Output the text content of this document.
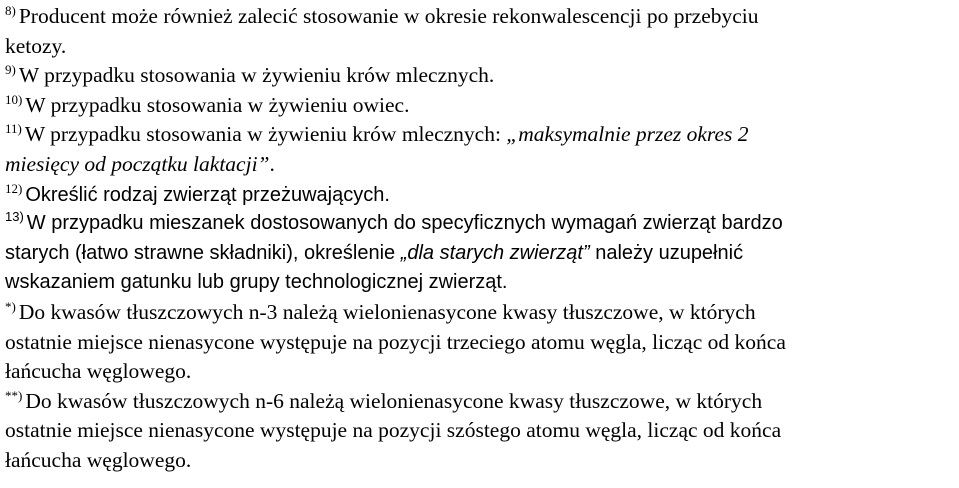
$^{8)}$ Producent może również zalecić stosowanie w okresie rekonwalescencji po przebyciu
ketozy.
$^{9)}$ W przypadku stosowania w żywieniu krów mlecznych.
$^{10)}$ W przypadku stosowania w żywieniu owiec.
$^{11)}$ W przypadku stosowania w żywieniu krów mlecznych: „maksymalnie przez okres 2
miesięcy od początku laktacji”.
$^{12)}$ Określić rodzaj zwierząt przeżuwających.
$^{13)}$ W przypadku mieszanek dostosowanych do specyficznych wymagań zwierząt bardzo
starych (łatwo strawne składniki), określenie „dla starych zwierząt” należy uzupełnić
wskazaniem gatunku lub grupy technologicznej zwierząt.
*) Do kwasów tłuszczowych n-3 należą wielonienasycone kwasy tłuszczowe, w których
ostatnie miejsce nienasycone występuje na pozycji trzeciego atomu węgla, licząc od końca
łańcucha węglowego.
**) Do kwasów tłuszczowych n-6 należą wielonienasycone kwasy tłuszczowe, w których
ostatnie miejsce nienasycone występuje na pozycji szóstego atomu węgla, licząc od końca
łańcucha węglowego.
